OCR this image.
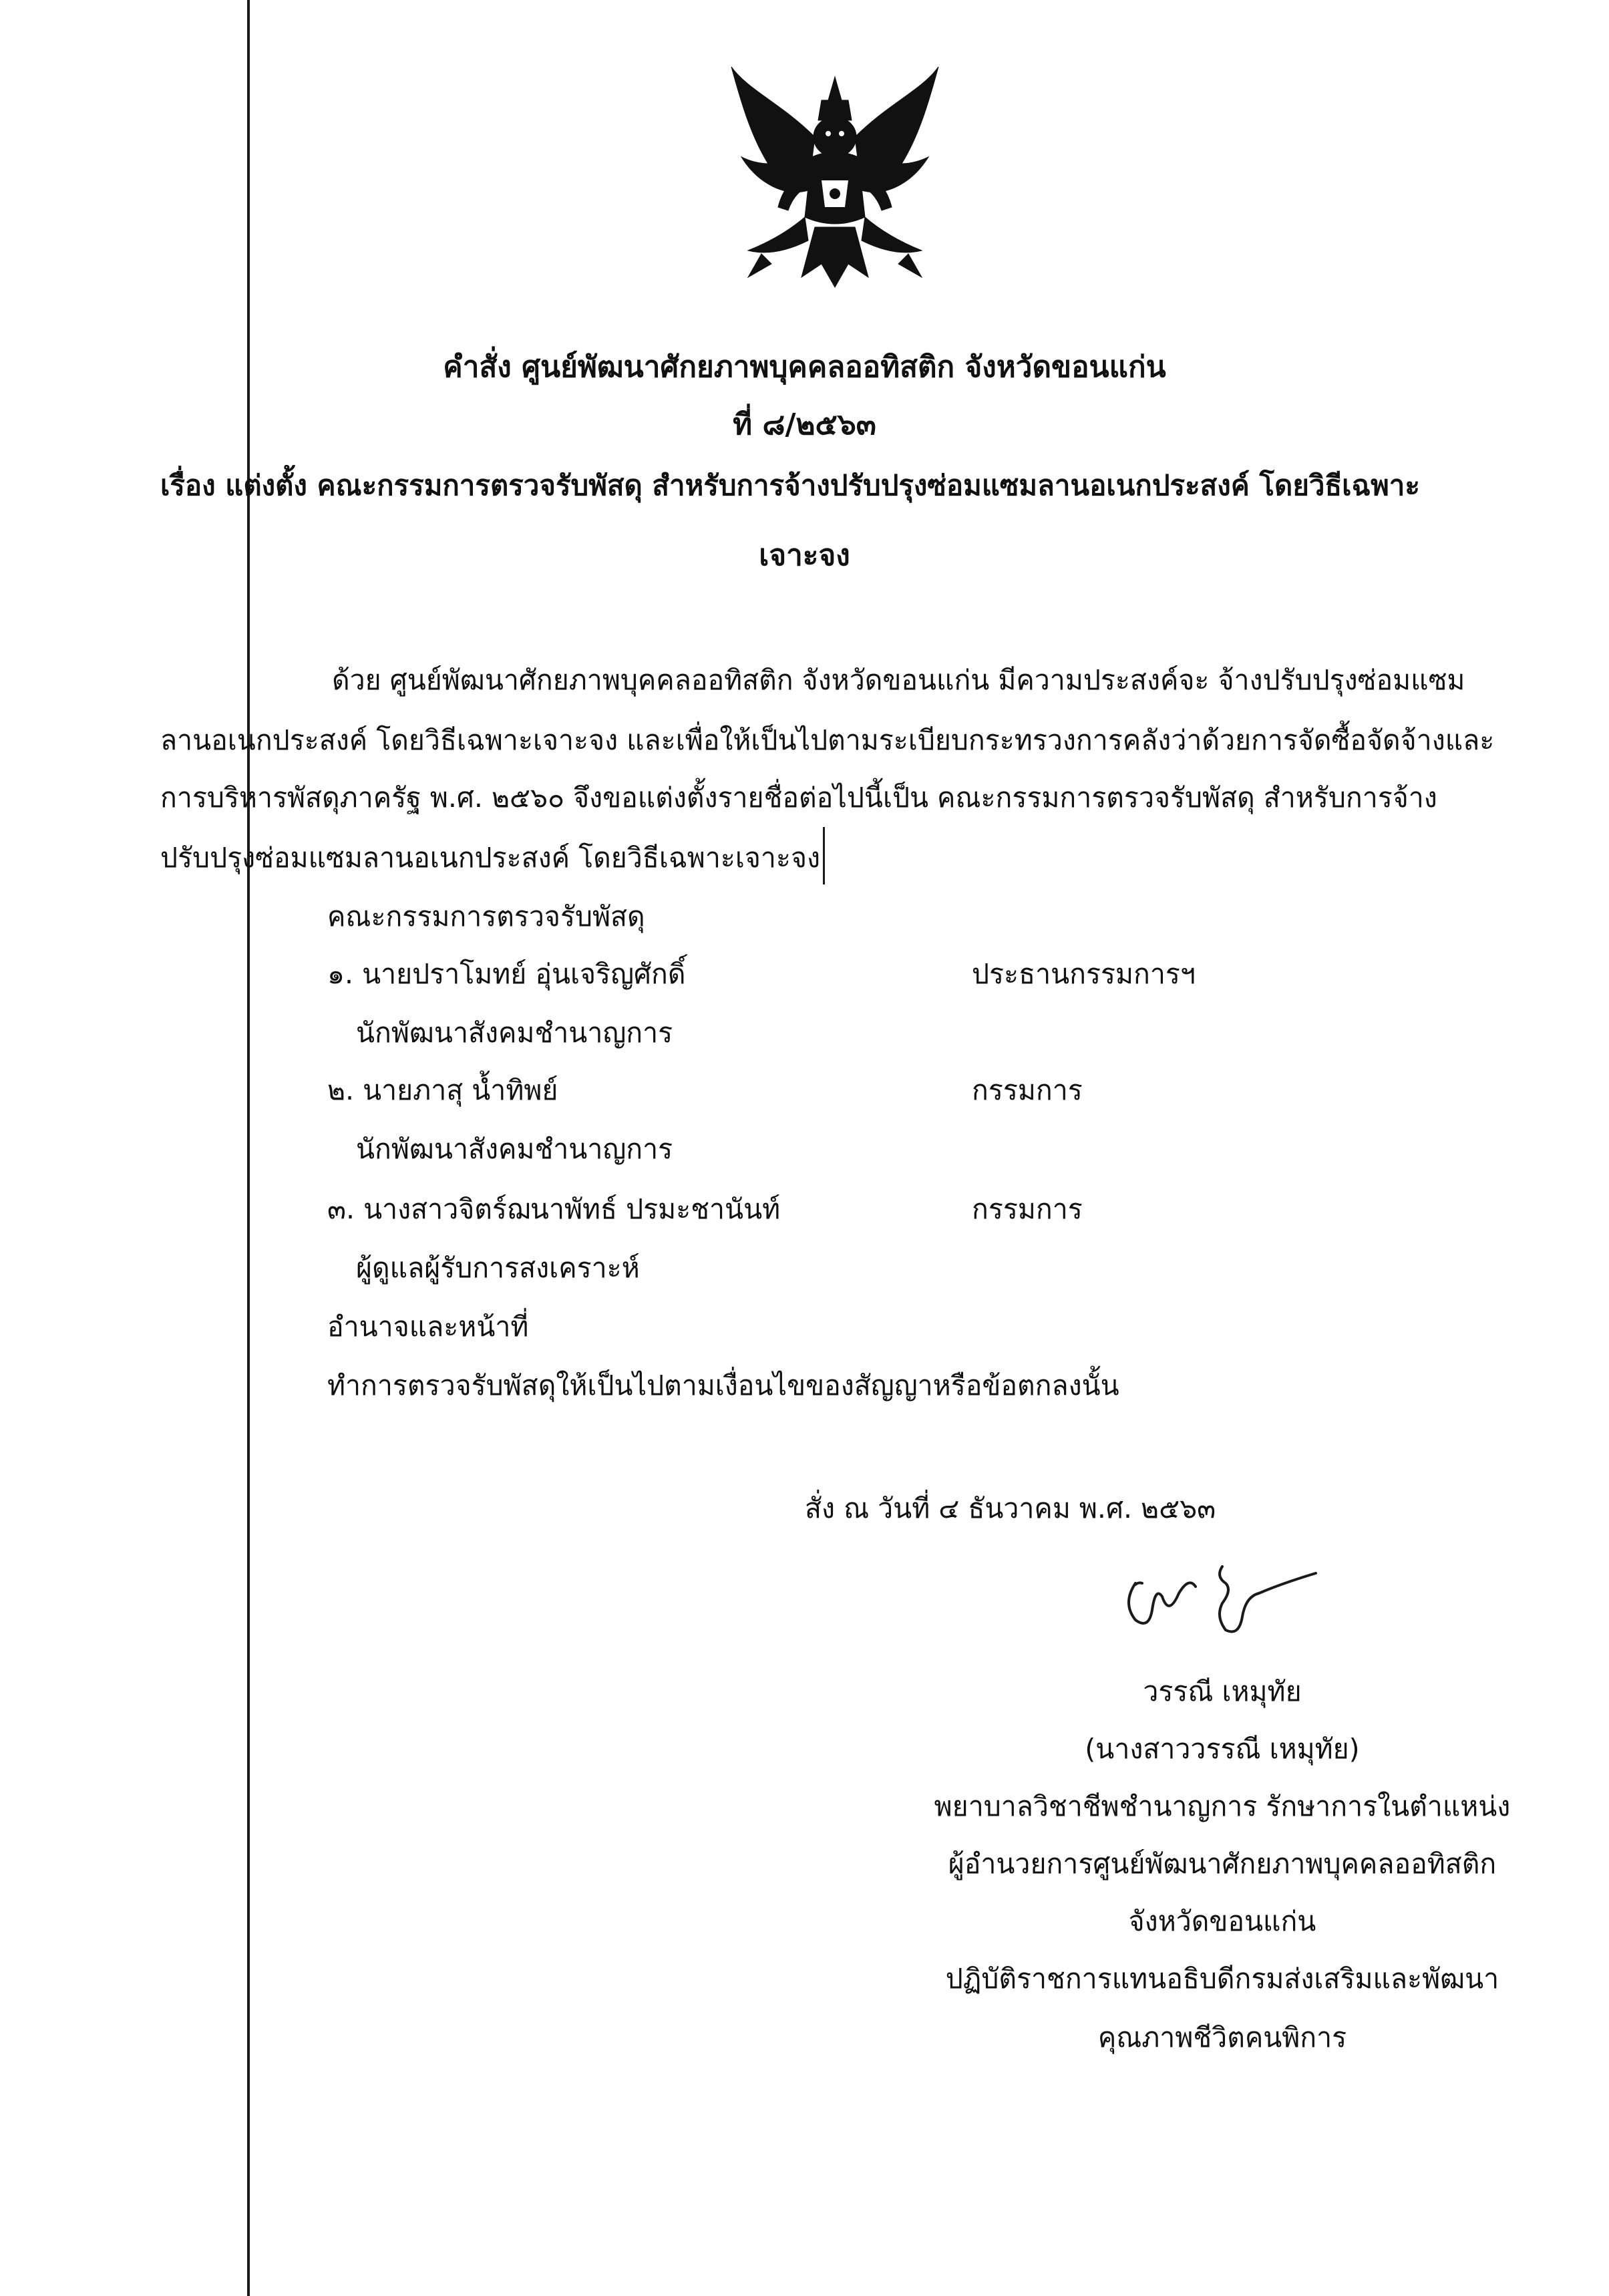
คำสั่ง ศูนย์พัฒนาศักยภาพบุคคลออทิสติก จังหวัดขอนแก่น
ที่ ๘/๒๕๖๓
เรื่อง แต่งตั้ง คณะกรรมการตรวจรับพัสดุ สำหรับการจ้างปรับปรุงซ่อมแซมลานอเนกประสงค์ โดยวิธีเฉพาะ
เจาะจง
ด้วย ศูนย์พัฒนาศักยภาพบุคคลออทิสติก จังหวัดขอนแก่น มีความประสงค์จะ จ้างปรับปรุงซ่อมแซม
ลานอเนกประสงค์ โดยวิธีเฉพาะเจาะจง และเพื่อให้เป็นไปตามระเบียบกระทรวงการคลังว่าด้วยการจัดซื้อจัดจ้างและ
การบริหารพัสดุภาครัฐ พ.ศ. ๒๕๖๐ จึงขอแต่งตั้งรายชื่อต่อไปนี้เป็น คณะกรรมการตรวจรับพัสดุ สำหรับการจ้าง
ปรับปรุงซ่อมแซมลานอเนกประสงค์ โดยวิธีเฉพาะเจาะจง
คณะกรรมการตรวจรับพัสดุ
๑. นายปราโมทย์ อุ่นเจริญศักดิ์	ประธานกรรมการฯ
นักพัฒนาสังคมชำนาญการ
๒. นายภาสุ น้ำทิพย์	กรรมการ
นักพัฒนาสังคมชำนาญการ
๓. นางสาวจิตร์ฌนาพัทธ์ ปรมะชานันท์	กรรมการ
ผู้ดูแลผู้รับการสงเคราะห์
อำนาจและหน้าที่
ทำการตรวจรับพัสดุให้เป็นไปตามเงื่อนไขของสัญญาหรือข้อตกลงนั้น
สั่ง ณ วันที่ ๔ ธันวาคม พ.ศ. ๒๕๖๓
วรรณี เหมุทัย
(นางสาววรรณี เหมุทัย)
พยาบาลวิชาชีพชำนาญการ รักษาการในตำแหน่ง
ผู้อำนวยการศูนย์พัฒนาศักยภาพบุคคลออทิสติก
จังหวัดขอนแก่น
ปฏิบัติราชการแทนอธิบดีกรมส่งเสริมและพัฒนา
คุณภาพชีวิตคนพิการ
